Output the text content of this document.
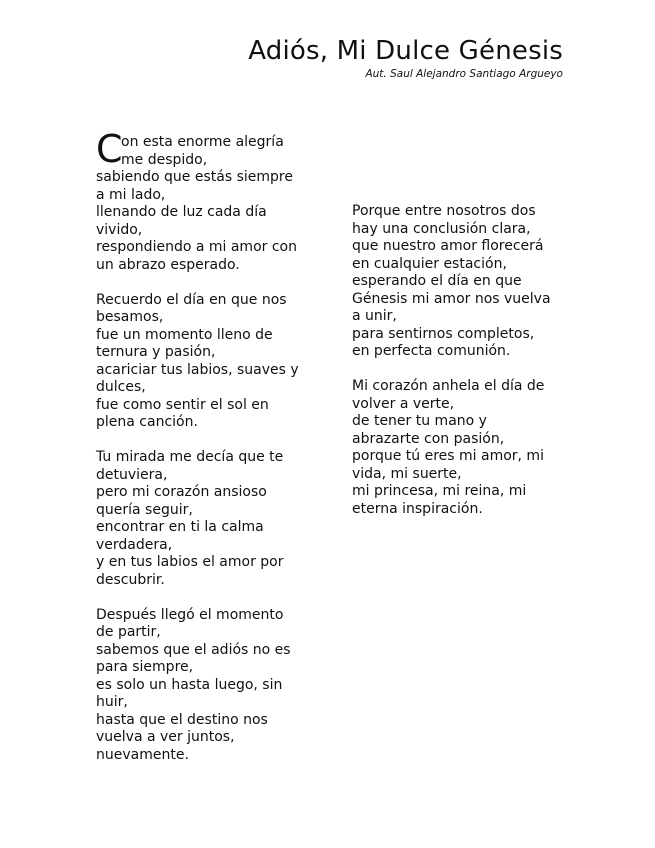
Adiós, Mi Dulce Génesis
Aut. Saul Alejandro Santiago Argueyo
C
on esta enorme alegría
me despido,
sabiendo que estás siempre
a mi lado,
llenando de luz cada día
vivido,
respondiendo a mi amor con
un abrazo esperado.
Recuerdo el día en que nos
besamos,
fue un momento lleno de
ternura y pasión,
acariciar tus labios, suaves y
dulces,
fue como sentir el sol en
plena canción.
Tu mirada me decía que te
detuviera,
pero mi corazón ansioso
quería seguir,
encontrar en ti la calma
verdadera,
y en tus labios el amor por
descubrir.
Después llegó el momento
de partir,
sabemos que el adiós no es
para siempre,
es solo un hasta luego, sin
huir,
hasta que el destino nos
vuelva a ver juntos,
nuevamente.
Porque entre nosotros dos
hay una conclusión clara,
que nuestro amor florecerá
en cualquier estación,
esperando el día en que
Génesis mi amor nos vuelva
a unir,
para sentirnos completos,
en perfecta comunión.
Mi corazón anhela el día de
volver a verte,
de tener tu mano y
abrazarte con pasión,
porque tú eres mi amor, mi
vida, mi suerte,
mi princesa, mi reina, mi
eterna inspiración.
